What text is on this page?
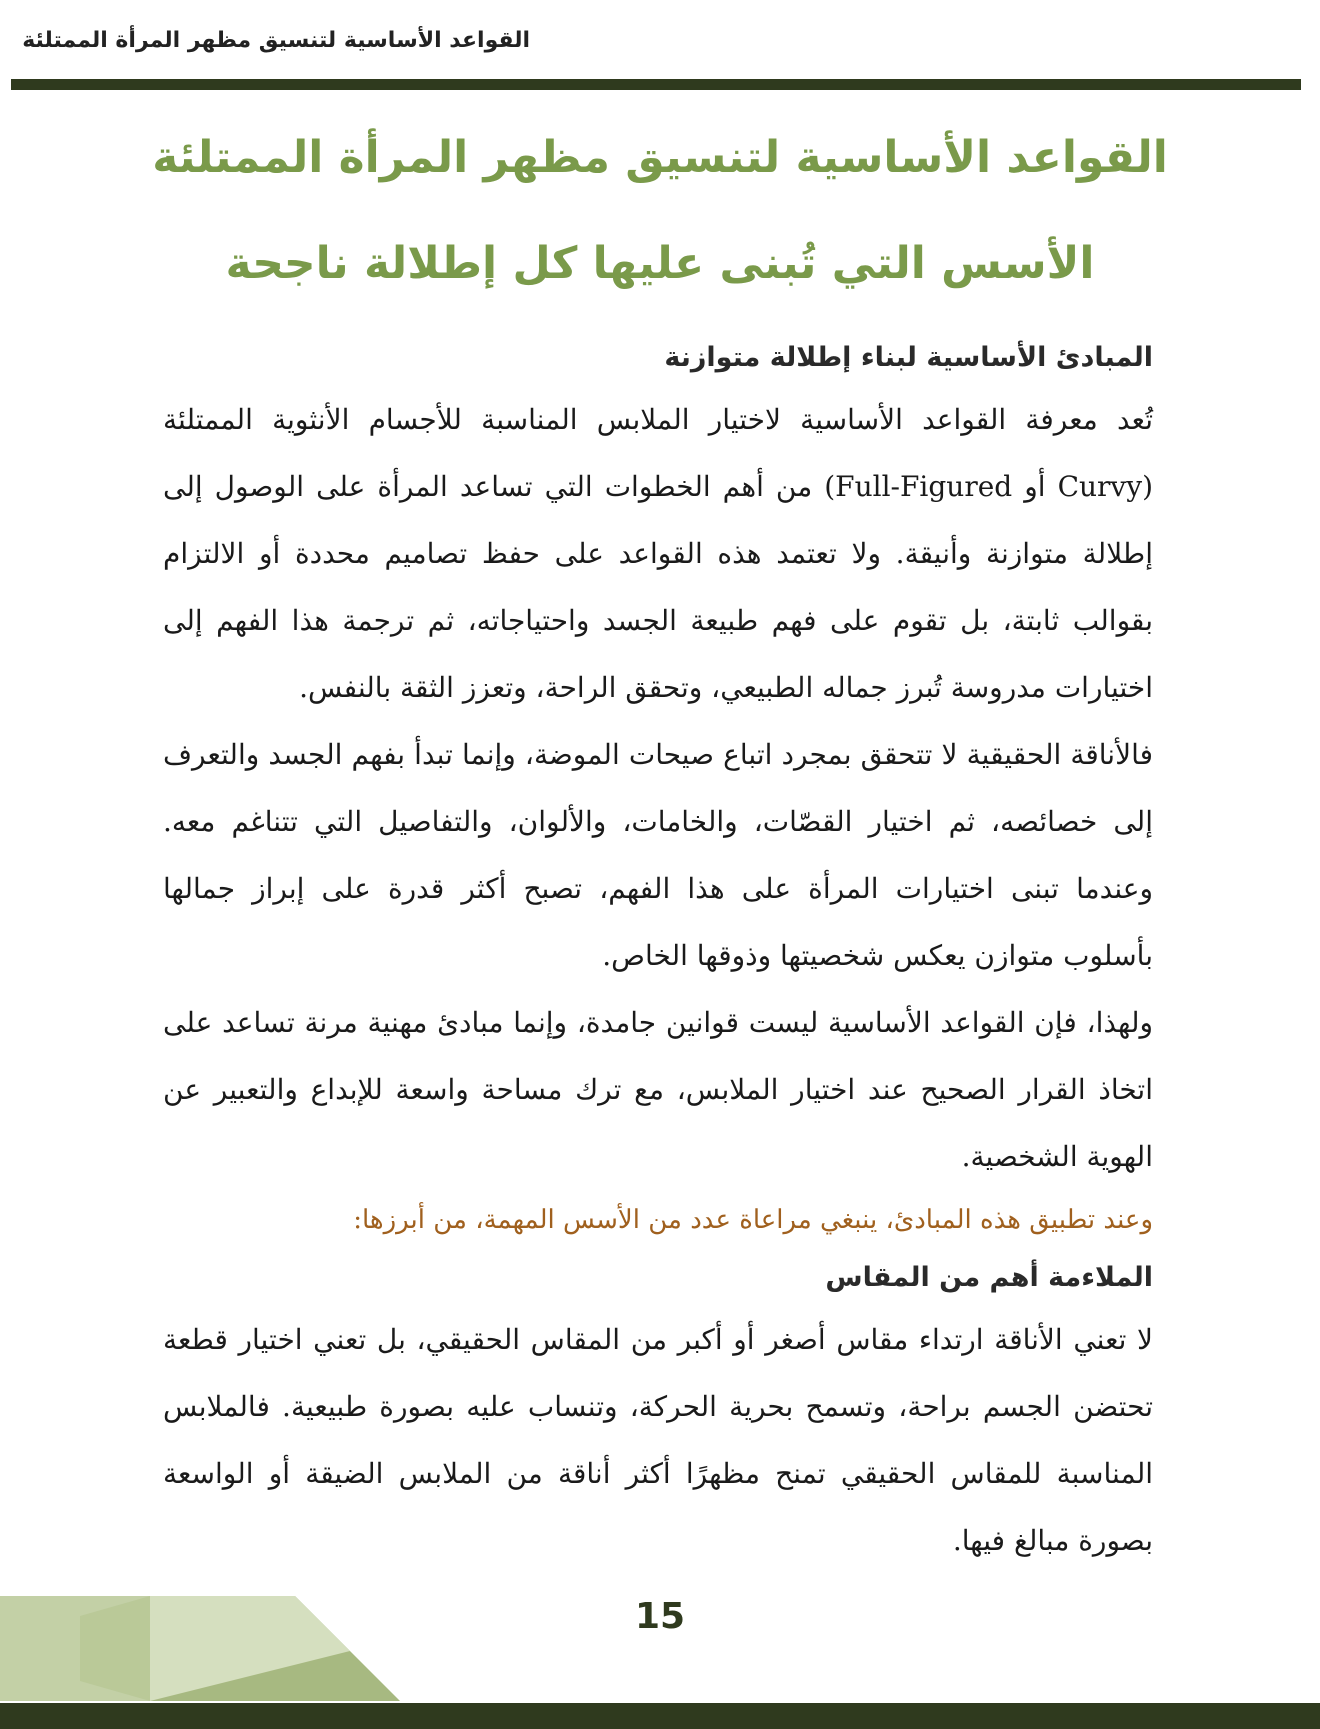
القواعد الأساسية لتنسيق مظهر المرأة الممتلئة
القواعد الأساسية لتنسيق مظهر المرأة الممتلئة
الأسس التي تُبنى عليها كل إطلالة ناجحة
المبادئ الأساسية لبناء إطلالة متوازنة

تُعد معرفة القواعد الأساسية لاختيار الملابس المناسبة للأجسام الأنثوية الممتلئة (Curvy أو Full-Figured) من أهم الخطوات التي تساعد المرأة على الوصول إلى إطلالة متوازنة وأنيقة. ولا تعتمد هذه القواعد على حفظ تصاميم محددة أو الالتزام بقوالب ثابتة، بل تقوم على فهم طبيعة الجسد واحتياجاته، ثم ترجمة هذا الفهم إلى اختيارات مدروسة تُبرز جماله الطبيعي، وتحقق الراحة، وتعزز الثقة بالنفس.

فالأناقة الحقيقية لا تتحقق بمجرد اتباع صيحات الموضة، وإنما تبدأ بفهم الجسد والتعرف إلى خصائصه، ثم اختيار القصّات، والخامات، والألوان، والتفاصيل التي تتناغم معه. وعندما تبنى اختيارات المرأة على هذا الفهم، تصبح أكثر قدرة على إبراز جمالها بأسلوب متوازن يعكس شخصيتها وذوقها الخاص.

ولهذا، فإن القواعد الأساسية ليست قوانين جامدة، وإنما مبادئ مهنية مرنة تساعد على اتخاذ القرار الصحيح عند اختيار الملابس، مع ترك مساحة واسعة للإبداع والتعبير عن الهوية الشخصية.

وعند تطبيق هذه المبادئ، ينبغي مراعاة عدد من الأسس المهمة، من أبرزها:

الملاءمة أهم من المقاس

لا تعني الأناقة ارتداء مقاس أصغر أو أكبر من المقاس الحقيقي، بل تعني اختيار قطعة تحتضن الجسم براحة، وتسمح بحرية الحركة، وتنساب عليه بصورة طبيعية. فالملابس المناسبة للمقاس الحقيقي تمنح مظهرًا أكثر أناقة من الملابس الضيقة أو الواسعة بصورة مبالغ فيها.

15
